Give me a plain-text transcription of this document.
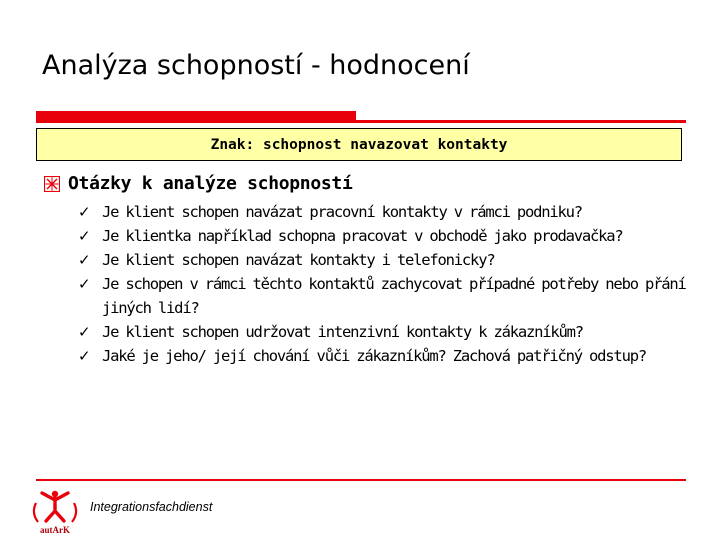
Analýza schopností - hodnocení
Znak: schopnost navazovat kontakty
Otázky k analýze schopností
✓ Je klient schopen navázat pracovní kontakty v rámci podniku?
✓ Je klientka například schopna pracovat v obchodě jako prodavačka?
✓ Je klient schopen navázat kontakty i telefonicky?
✓ Je schopen v rámci těchto kontaktů zachycovat případné potřeby nebo přání jiných lidí?
✓ Je klient schopen udržovat intenzivní kontakty k zákazníkům?
✓ Jaké je jeho/ její chování vůči zákazníkům? Zachová patřičný odstup?
autArK
Integrationsfachdienst
